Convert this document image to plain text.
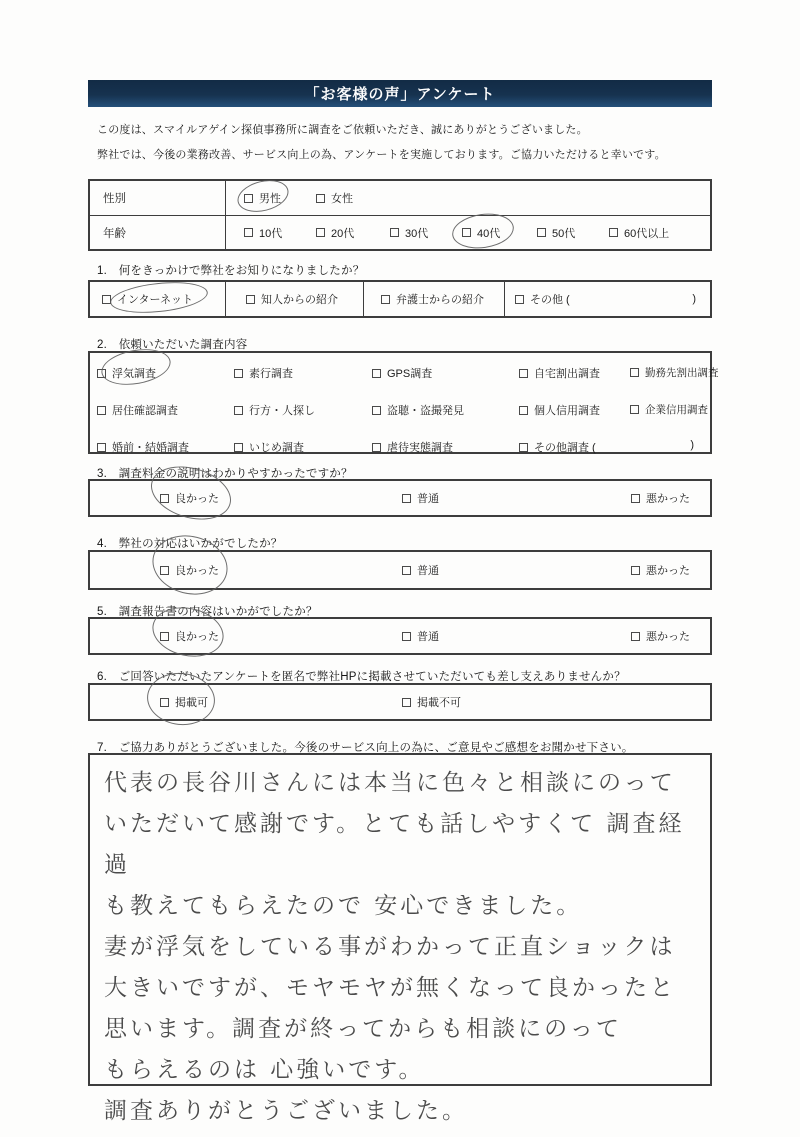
「お客様の声」アンケート

この度は、スマイルアゲイン探偵事務所に調査をご依頼いただき、誠にありがとうございました。

弊社では、今後の業務改善、サービス向上の為、アンケートを実施しております。ご協力いただけると幸いです。

性別	男性	女性
年齢	10代	20代	30代	40代	50代	60代以上
1.　何をきっかけで弊社をお知りになりましたか？
インターネット	知人からの紹介	弁護士からの紹介	その他 (	)
2.　依頼いただいた調査内容
浮気調査	素行調査	GPS調査	自宅割出調査	勤務先割出調査
居住確認調査	行方・人探し	盗聴・盗撮発見	個人信用調査	企業信用調査
婚前・結婚調査	いじめ調査	虐待実態調査	その他調査 (	)
3.　調査料金の説明はわかりやすかったですか？
良かった	普通	悪かった
4.　弊社の対応はいかがでしたか？
良かった	普通	悪かった
5.　調査報告書の内容はいかがでしたか？
良かった	普通	悪かった
6.　ご回答いただいたアンケートを匿名で弊社HPに掲載させていただいても差し支えありませんか？
掲載可	掲載不可
7.　ご協力ありがとうございました。今後のサービス向上の為に、ご意見やご感想をお聞かせ下さい。
代表の長谷川さんには本当に色々と相談にのって
いただいて感謝です。とても話しやすくて 調査経過
も教えてもらえたので 安心できました。
妻が浮気をしている事がわかって正直ショックは
大きいですが、モヤモヤが無くなって良かったと
思います。調査が終ってからも相談にのって
もらえるのは 心強いです。
調査ありがとうございました。
